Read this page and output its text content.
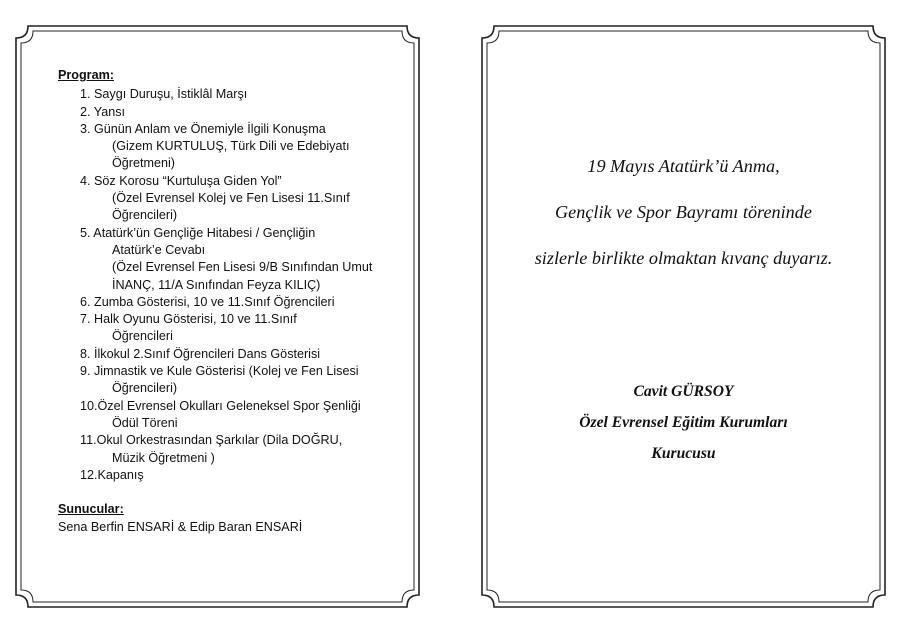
Program:
1. Saygı Duruşu, İstiklâl Marşı
2. Yansı
3. Günün Anlam ve Önemiyle İlgili Konuşma
(Gizem KURTULUŞ, Türk Dili ve Edebiyatı
Öğretmeni)
4. Söz Korosu “Kurtuluşa Giden Yol”
(Özel Evrensel Kolej ve Fen Lisesi 11.Sınıf
Öğrencileri)
5. Atatürk’ün Gençliğe Hitabesi / Gençliğin
Atatürk’e Cevabı
(Özel Evrensel Fen Lisesi 9/B Sınıfından Umut
İNANÇ, 11/A Sınıfından Feyza KILIÇ)
6. Zumba Gösterisi, 10 ve 11.Sınıf Öğrencileri
7. Halk Oyunu Gösterisi, 10 ve 11.Sınıf
Öğrencileri
8. İlkokul 2.Sınıf Öğrencileri Dans Gösterisi
9. Jimnastik ve Kule Gösterisi (Kolej ve Fen Lisesi
Öğrencileri)
10.Özel Evrensel Okulları Geleneksel Spor Şenliği
Ödül Töreni
11.Okul Orkestrasından Şarkılar (Dila DOĞRU,
Müzik Öğretmeni )
12.Kapanış
Sunucular:
Sena Berfin ENSARİ & Edip Baran ENSARİ
19 Mayıs Atatürk’ü Anma,
Gençlik ve Spor Bayramı töreninde
sizlerle birlikte olmaktan kıvanç duyarız.
Cavit GÜRSOY
Özel Evrensel Eğitim Kurumları
Kurucusu
